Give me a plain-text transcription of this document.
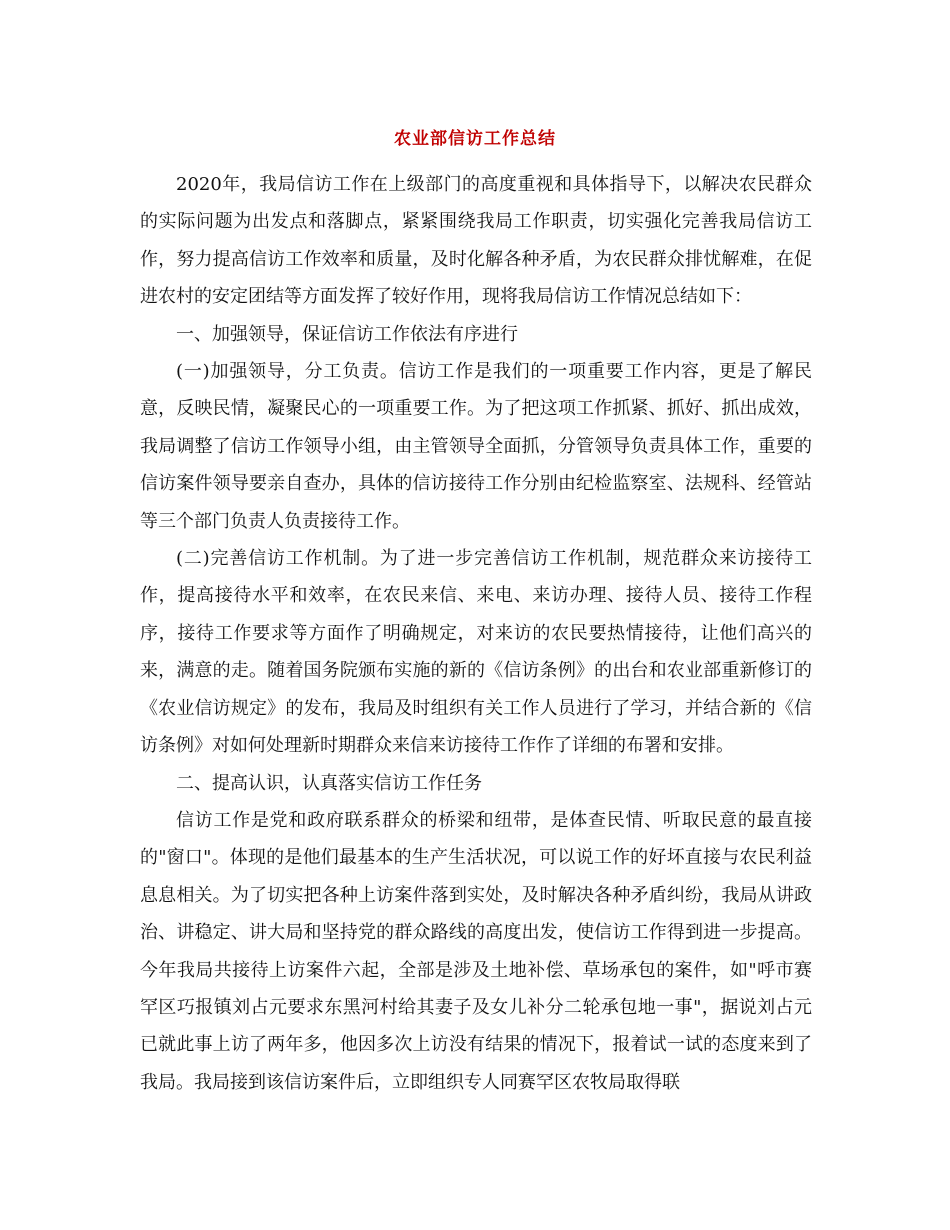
农业部信访工作总结

2020年，我局信访工作在上级部门的高度重视和具体指导下，以解决农民群众的实际问题为出发点和落脚点，紧紧围绕我局工作职责，切实强化完善我局信访工作，努力提高信访工作效率和质量，及时化解各种矛盾，为农民群众排忧解难，在促进农村的安定团结等方面发挥了较好作用，现将我局信访工作情况总结如下：

一、加强领导，保证信访工作依法有序进行

(一)加强领导，分工负责。信访工作是我们的一项重要工作内容，更是了解民意，反映民情，凝聚民心的一项重要工作。为了把这项工作抓紧、抓好、抓出成效，我局调整了信访工作领导小组，由主管领导全面抓，分管领导负责具体工作，重要的信访案件领导要亲自查办，具体的信访接待工作分别由纪检监察室、法规科、经管站等三个部门负责人负责接待工作。

(二)完善信访工作机制。为了进一步完善信访工作机制，规范群众来访接待工作，提高接待水平和效率，在农民来信、来电、来访办理、接待人员、接待工作程序，接待工作要求等方面作了明确规定，对来访的农民要热情接待，让他们高兴的来，满意的走。随着国务院颁布实施的新的《信访条例》的出台和农业部重新修订的《农业信访规定》的发布，我局及时组织有关工作人员进行了学习，并结合新的《信访条例》对如何处理新时期群众来信来访接待工作作了详细的布署和安排。

二、提高认识，认真落实信访工作任务

信访工作是党和政府联系群众的桥梁和纽带，是体查民情、听取民意的最直接的"窗口"。体现的是他们最基本的生产生活状况，可以说工作的好坏直接与农民利益息息相关。为了切实把各种上访案件落到实处，及时解决各种矛盾纠纷，我局从讲政治、讲稳定、讲大局和坚持党的群众路线的高度出发，使信访工作得到进一步提高。今年我局共接待上访案件六起，全部是涉及土地补偿、草场承包的案件，如"呼市赛罕区巧报镇刘占元要求东黑河村给其妻子及女儿补分二轮承包地一事"，据说刘占元已就此事上访了两年多，他因多次上访没有结果的情况下，报着试一试的态度来到了我局。我局接到该信访案件后，立即组织专人同赛罕区农牧局取得联
